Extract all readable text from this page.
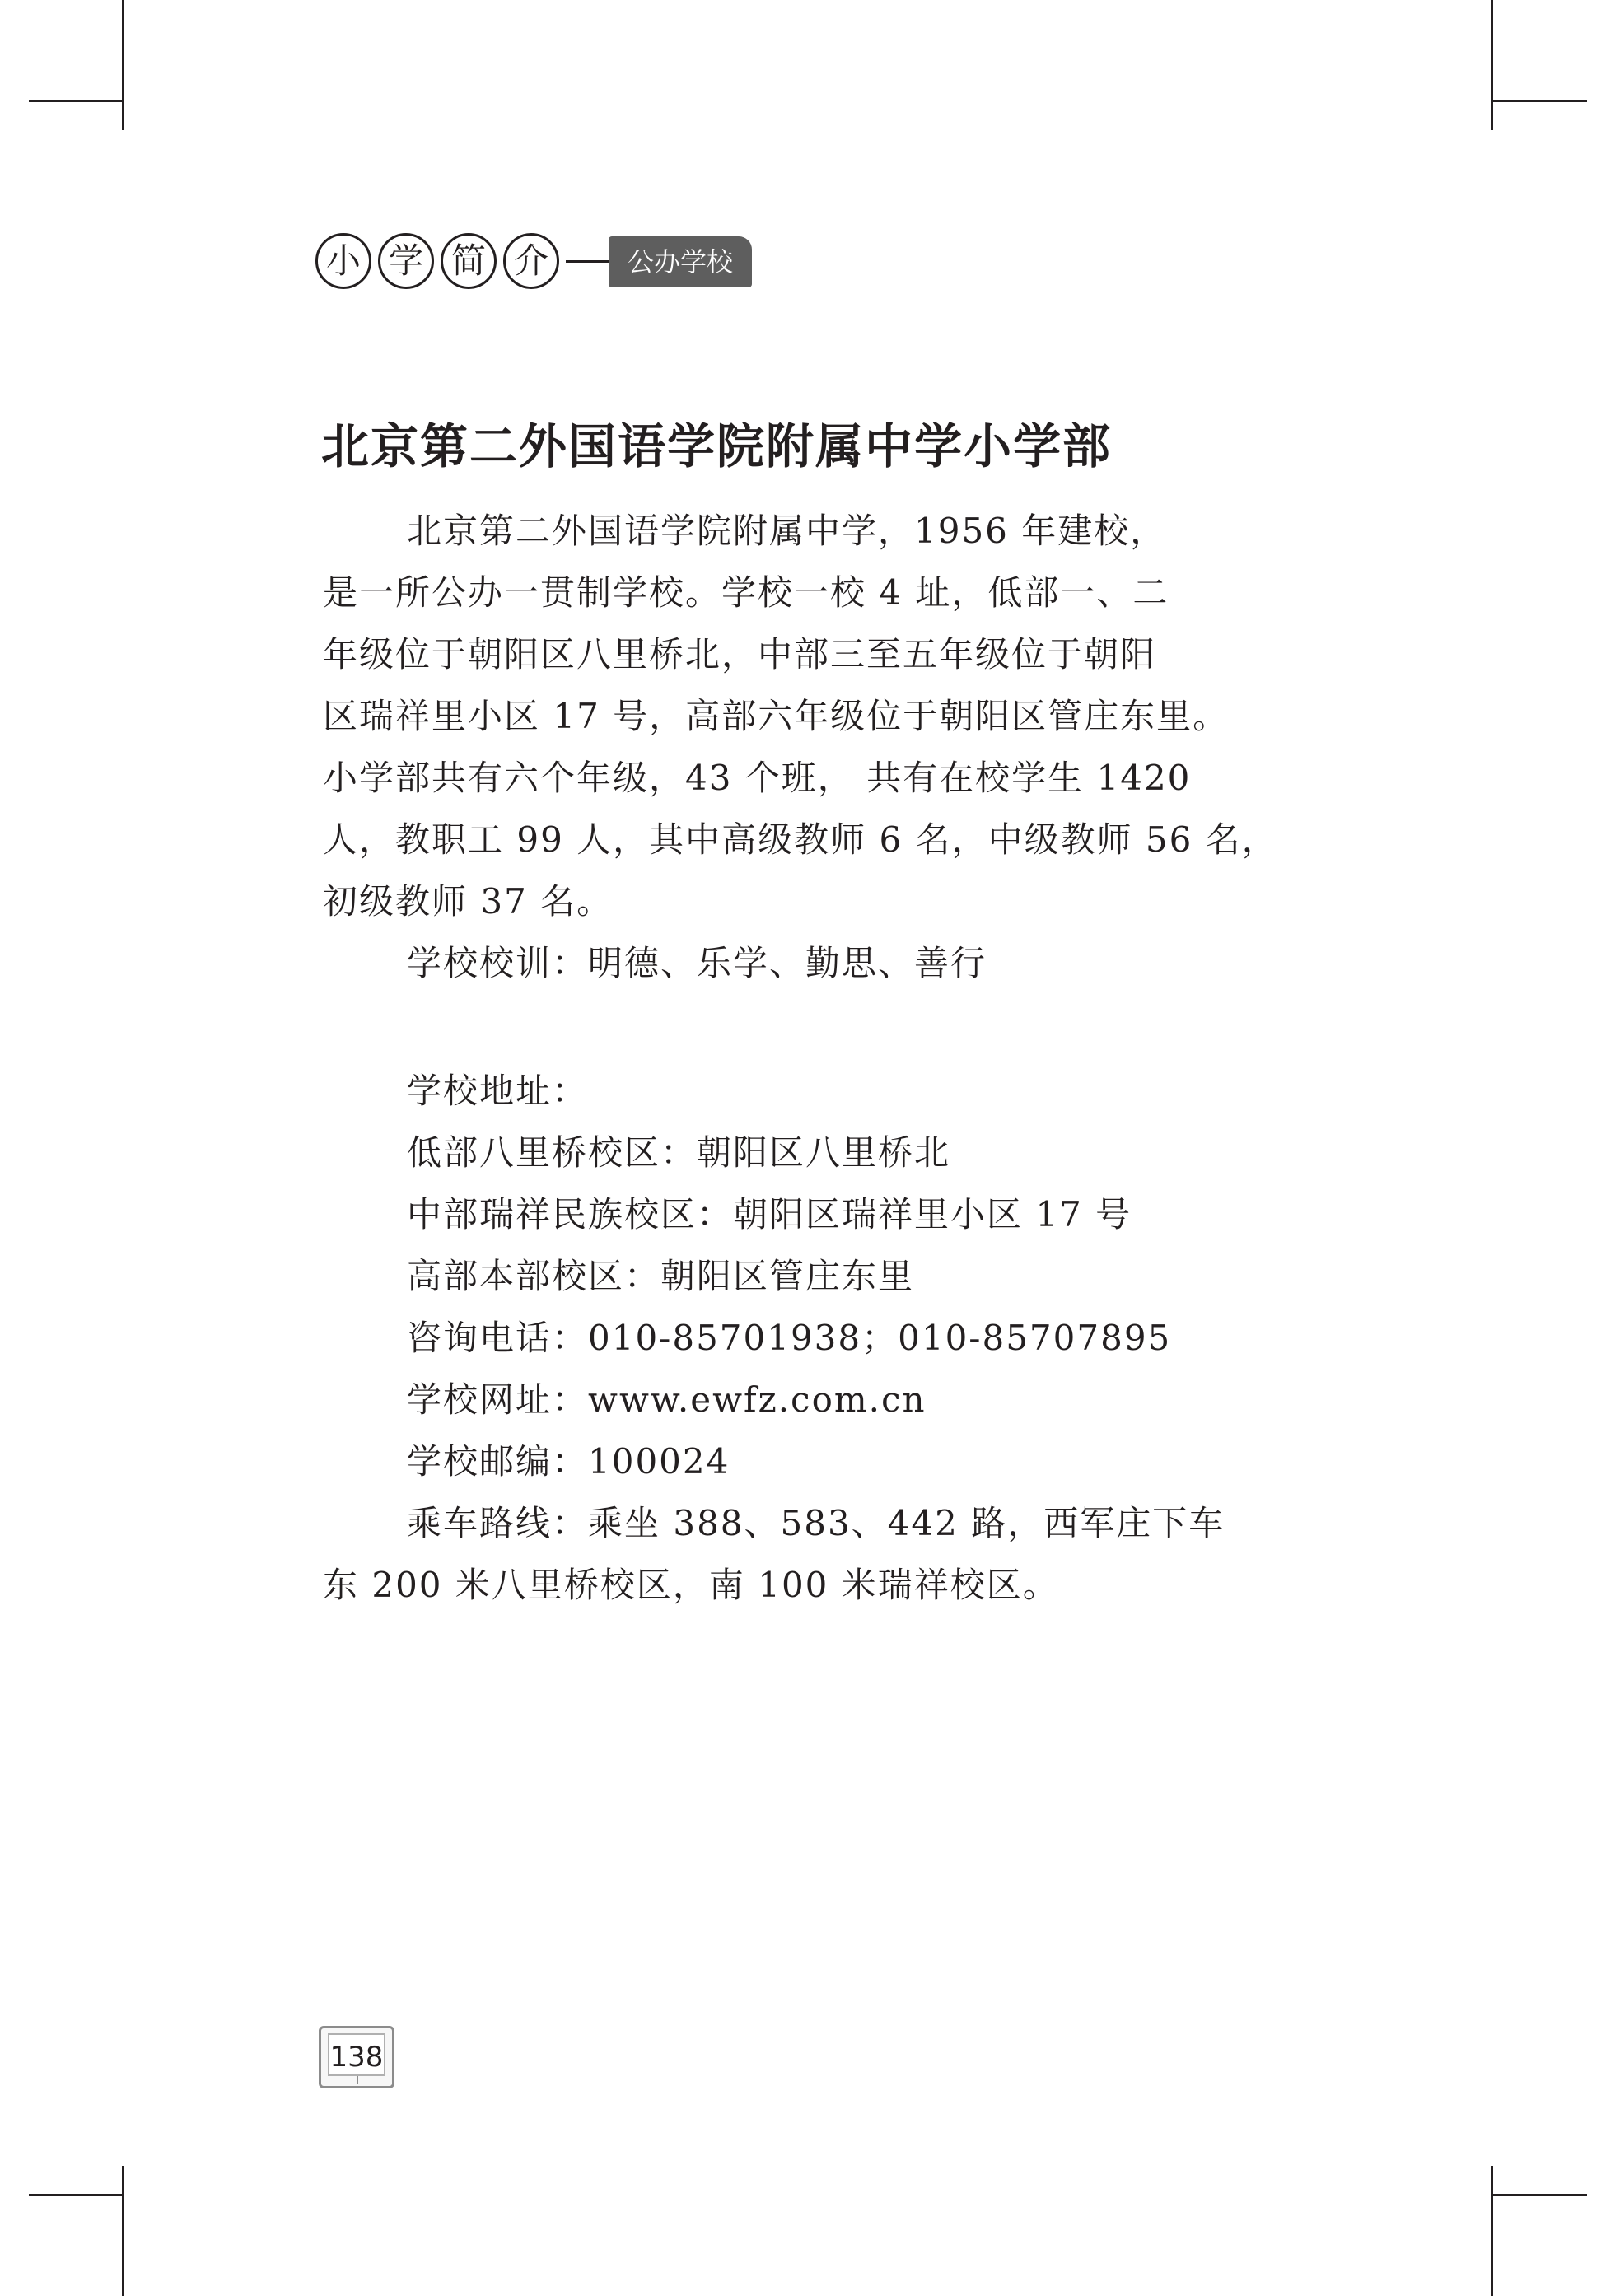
小 学 简 介	公办学校
北京第二外国语学院附属中学小学部
北京第二外国语学院附属中学，1956 年建校，
是一所公办一贯制学校。学校一校 4 址，低部一、二
年级位于朝阳区八里桥北，中部三至五年级位于朝阳
区瑞祥里小区 17 号，高部六年级位于朝阳区管庄东里。
小学部共有六个年级，43 个班， 共有在校学生 1420
人，教职工 99 人，其中高级教师 6 名，中级教师 56 名，
初级教师 37 名。
学校校训：明德、乐学、勤思、善行
学校地址：
低部八里桥校区：朝阳区八里桥北
中部瑞祥民族校区：朝阳区瑞祥里小区 17 号
高部本部校区：朝阳区管庄东里
咨询电话：010-85701938；010-85707895
学校网址：www.ewfz.com.cn
学校邮编：100024
乘车路线：乘坐 388、583、442 路，西军庄下车
东 200 米八里桥校区，南 100 米瑞祥校区。
138
